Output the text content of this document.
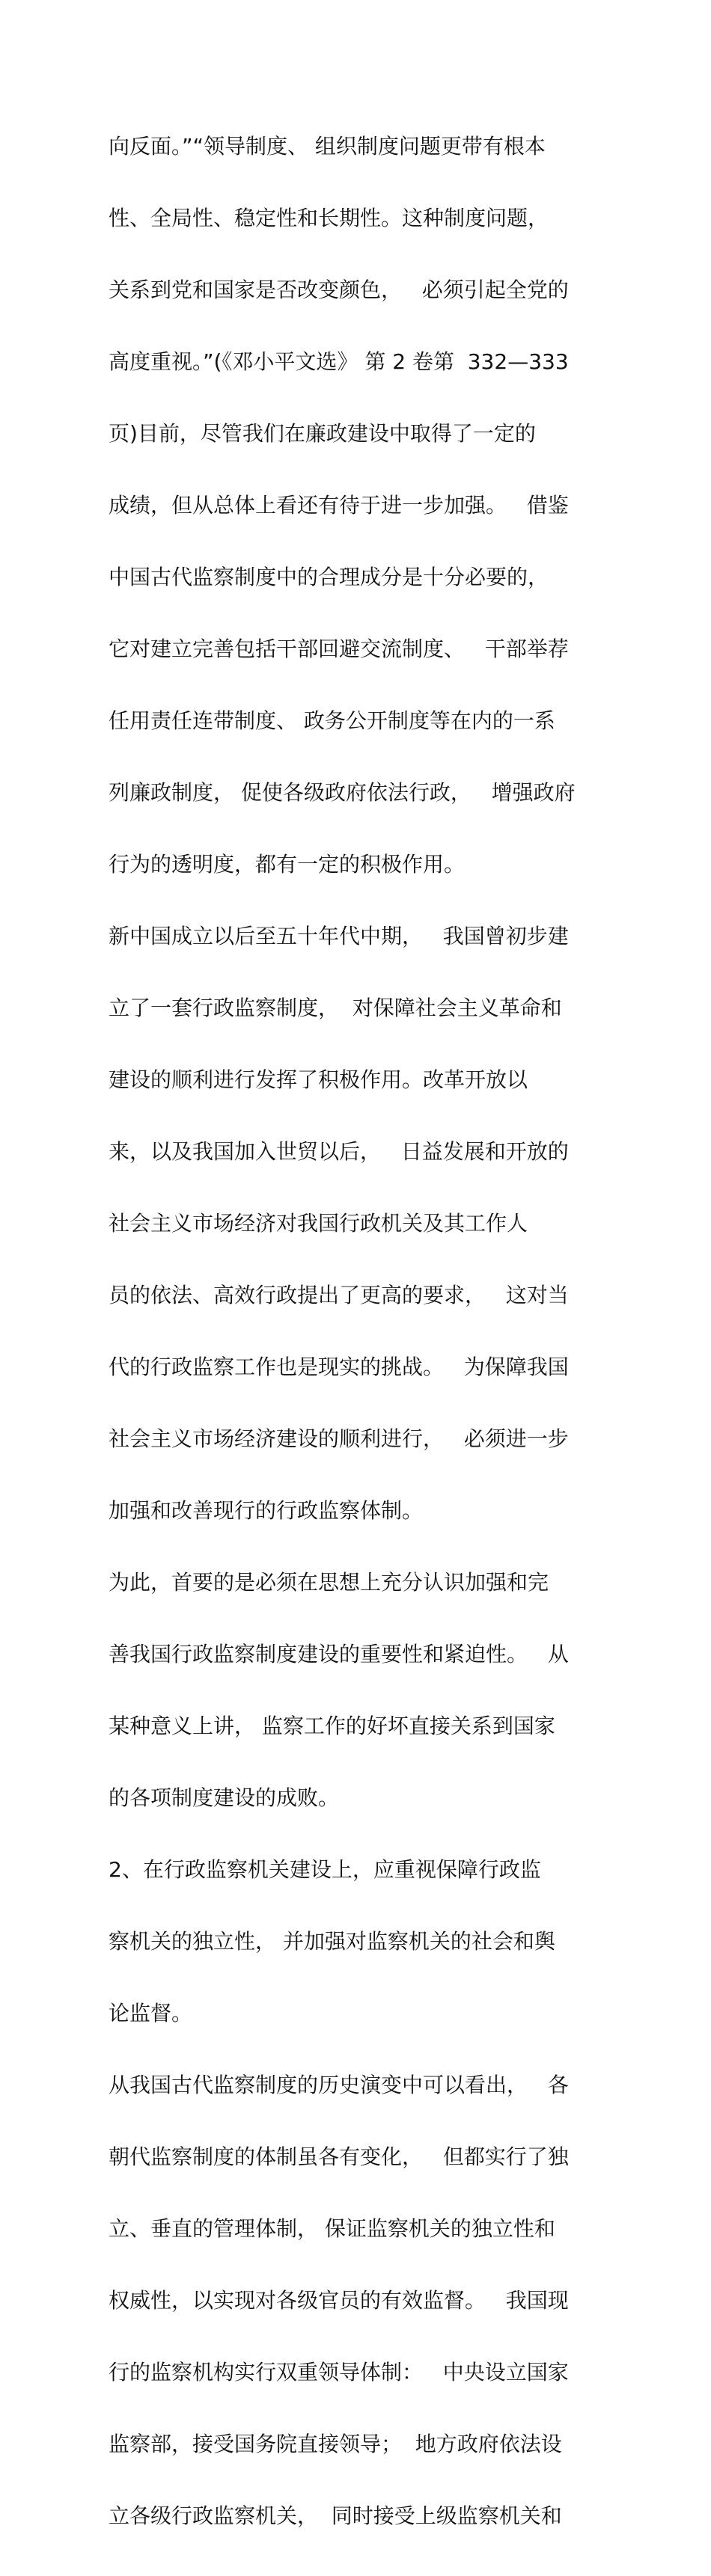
向反面。”“领导制度、 组织制度问题更带有根本

性、全局性、稳定性和长期性。这种制度问题，

关系到党和国家是否改变颜色，   必须引起全党的

高度重视。”(《邓小平文选》 第 2 卷第  332—333

页)目前，尽管我们在廉政建设中取得了一定的

成绩，但从总体上看还有待于进一步加强。   借鉴

中国古代监察制度中的合理成分是十分必要的，

它对建立完善包括干部回避交流制度、   干部举荐

任用责任连带制度、 政务公开制度等在内的一系

列廉政制度， 促使各级政府依法行政，   增强政府

行为的透明度，都有一定的积极作用。

新中国成立以后至五十年代中期，   我国曾初步建

立了一套行政监察制度，  对保障社会主义革命和

建设的顺利进行发挥了积极作用。改革开放以

来，以及我国加入世贸以后，   日益发展和开放的

社会主义市场经济对我国行政机关及其工作人

员的依法、高效行政提出了更高的要求，   这对当

代的行政监察工作也是现实的挑战。   为保障我国

社会主义市场经济建设的顺利进行，   必须进一步

加强和改善现行的行政监察体制。

为此，首要的是必须在思想上充分认识加强和完

善我国行政监察制度建设的重要性和紧迫性。   从

某种意义上讲， 监察工作的好坏直接关系到国家

的各项制度建设的成败。

2、在行政监察机关建设上，应重视保障行政监

察机关的独立性， 并加强对监察机关的社会和舆

论监督。

从我国古代监察制度的历史演变中可以看出，   各

朝代监察制度的体制虽各有变化，   但都实行了独

立、垂直的管理体制， 保证监察机关的独立性和

权威性，以实现对各级官员的有效监督。   我国现

行的监察机构实行双重领导体制：   中央设立国家

监察部，接受国务院直接领导；  地方政府依法设

立各级行政监察机关，  同时接受上级监察机关和
